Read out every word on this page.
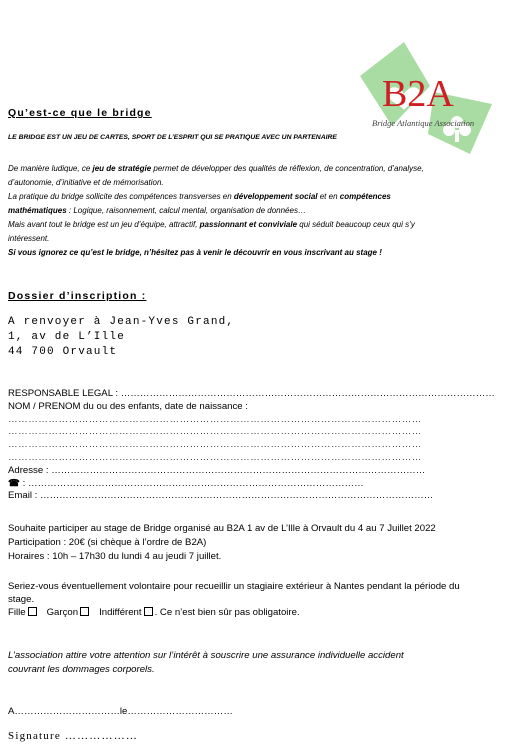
B2A
Bridge Atlantique Association
Qu’est-ce que le bridge
LE BRIDGE EST UN JEU DE CARTES, SPORT DE L’ESPRIT QUI SE PRATIQUE AVEC UN PARTENAIRE
De manière ludique, ce jeu de stratégie permet de développer des qualités de réflexion, de concentration, d’analyse,
d’autonomie, d’initiative et de mémorisation.
La pratique du bridge sollicite des compétences transverses en développement social et en compétences
mathématiques : Logique, raisonnement, calcul mental, organisation de données…
Mais avant tout le bridge est un jeu d’équipe, attractif, passionnant et conviviale qui séduit beaucoup ceux qui s’y
intéressent.
Si vous ignorez ce qu’est le bridge, n’hésitez pas à venir le découvrir en vous inscrivant au stage !
Dossier d’inscription :
A renvoyer à Jean-Yves Grand,
1, av de L’Ille
44 700 Orvault
RESPONSABLE LEGAL : ………………………………………………………………………………………………………
NOM / PRENOM du ou des enfants, date de naissance :
……………………………………………………………………………………………………………
……………………………………………………………………………………………………………
……………………………………………………………………………………………………………
……………………………………………………………………………………………………………
Adresse : ………………………………………………………………………………………………………
☎ : ……………………………………………………………………………………………
Email : ……………………………………………………………………………………………………………
Souhaite participer au stage de Bridge organisé au B2A 1 av de L’Ille à Orvault du 4 au 7 Juillet 2022
Participation : 20€ (si chèque à l’ordre de B2A)
Horaires : 10h – 17h30 du lundi 4 au jeudi 7 juillet.
Seriez-vous éventuellement volontaire pour recueillir un stagiaire extérieur à Nantes pendant la période du
stage.
Fille Garçon Indifférent . Ce n’est bien sûr pas obligatoire.
L’association attire votre attention sur l’intérêt à souscrire une assurance individuelle accident
couvrant les dommages corporels.
A……………………………le……………………………
Signature ………………
